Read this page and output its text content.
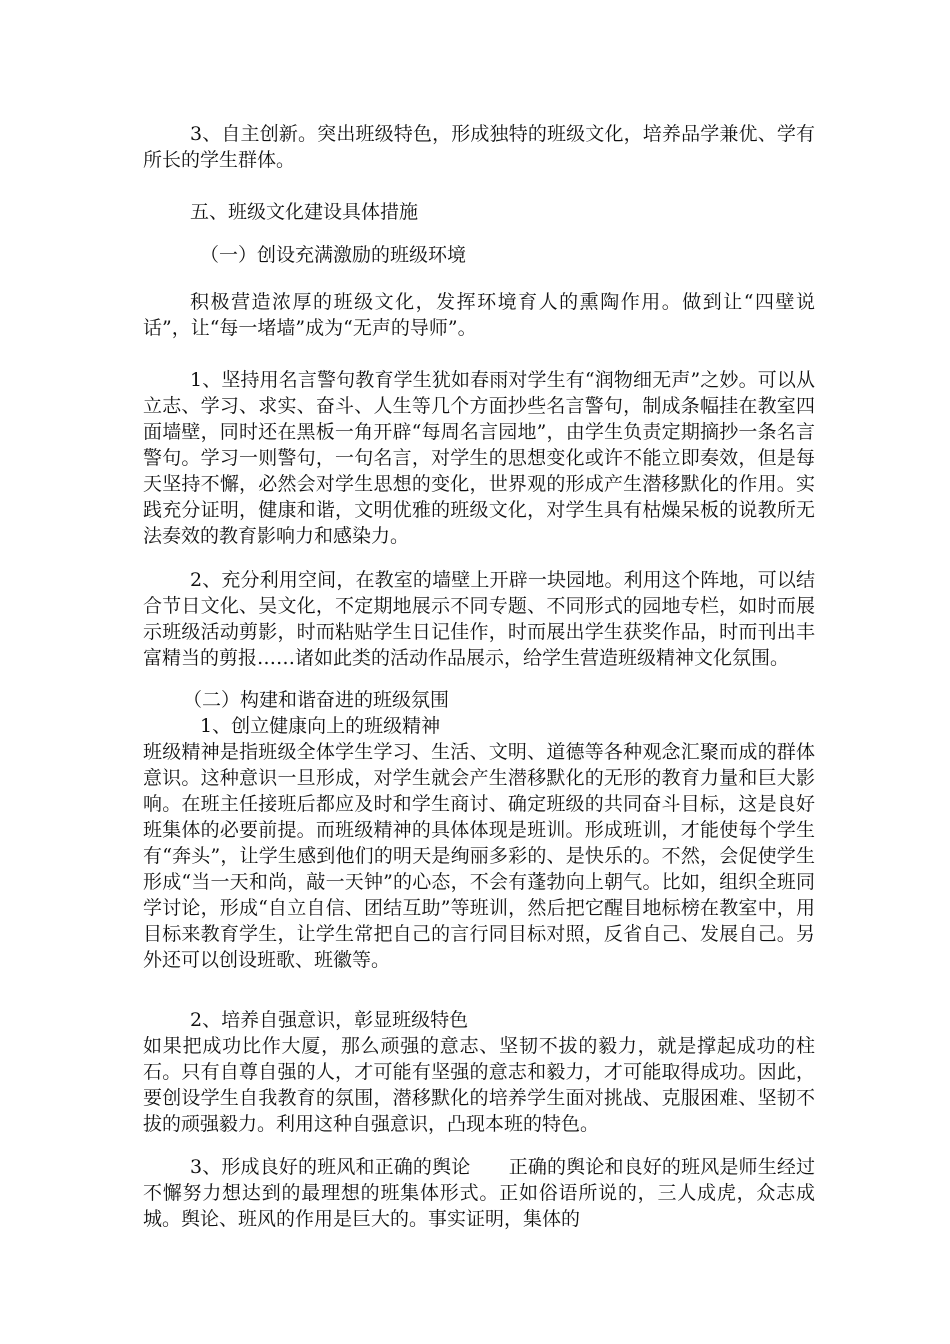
3、自主创新。突出班级特色，形成独特的班级文化，培养品学兼优、学有所长的学生群体。

五、班级文化建设具体措施

（一）创设充满激励的班级环境

积极营造浓厚的班级文化，发挥环境育人的熏陶作用。做到让“四壁说话”，让“每一堵墙”成为“无声的导师”。

1、坚持用名言警句教育学生犹如春雨对学生有“润物细无声”之妙。可以从立志、学习、求实、奋斗、人生等几个方面抄些名言警句，制成条幅挂在教室四面墙壁，同时还在黑板一角开辟“每周名言园地”，由学生负责定期摘抄一条名言警句。学习一则警句，一句名言，对学生的思想变化或许不能立即奏效，但是每天坚持不懈，必然会对学生思想的变化，世界观的形成产生潜移默化的作用。实践充分证明，健康和谐，文明优雅的班级文化，对学生具有枯燥呆板的说教所无法奏效的教育影响力和感染力。

2、充分利用空间，在教室的墙壁上开辟一块园地。利用这个阵地，可以结合节日文化、吴文化，不定期地展示不同专题、不同形式的园地专栏，如时而展示班级活动剪影，时而粘贴学生日记佳作，时而展出学生获奖作品，时而刊出丰富精当的剪报……诸如此类的活动作品展示，给学生营造班级精神文化氛围。

（二）构建和谐奋进的班级氛围

1、创立健康向上的班级精神

班级精神是指班级全体学生学习、生活、文明、道德等各种观念汇聚而成的群体意识。这种意识一旦形成，对学生就会产生潜移默化的无形的教育力量和巨大影响。在班主任接班后都应及时和学生商讨、确定班级的共同奋斗目标，这是良好班集体的必要前提。而班级精神的具体体现是班训。形成班训，才能使每个学生有“奔头”，让学生感到他们的明天是绚丽多彩的、是快乐的。不然，会促使学生形成“当一天和尚，敲一天钟”的心态，不会有蓬勃向上朝气。比如，组织全班同学讨论，形成“自立自信、团结互助”等班训，然后把它醒目地标榜在教室中，用目标来教育学生，让学生常把自己的言行同目标对照，反省自己、发展自己。另外还可以创设班歌、班徽等。

2、培养自强意识，彰显班级特色

如果把成功比作大厦，那么顽强的意志、坚韧不拔的毅力，就是撑起成功的柱石。只有自尊自强的人，才可能有坚强的意志和毅力，才可能取得成功。因此，要创设学生自我教育的氛围，潜移默化的培养学生面对挑战、克服困难、坚韧不拔的顽强毅力。利用这种自强意识，凸现本班的特色。

3、形成良好的班风和正确的舆论　　正确的舆论和良好的班风是师生经过不懈努力想达到的最理想的班集体形式。正如俗语所说的，三人成虎，众志成城。舆论、班风的作用是巨大的。事实证明，集体的
